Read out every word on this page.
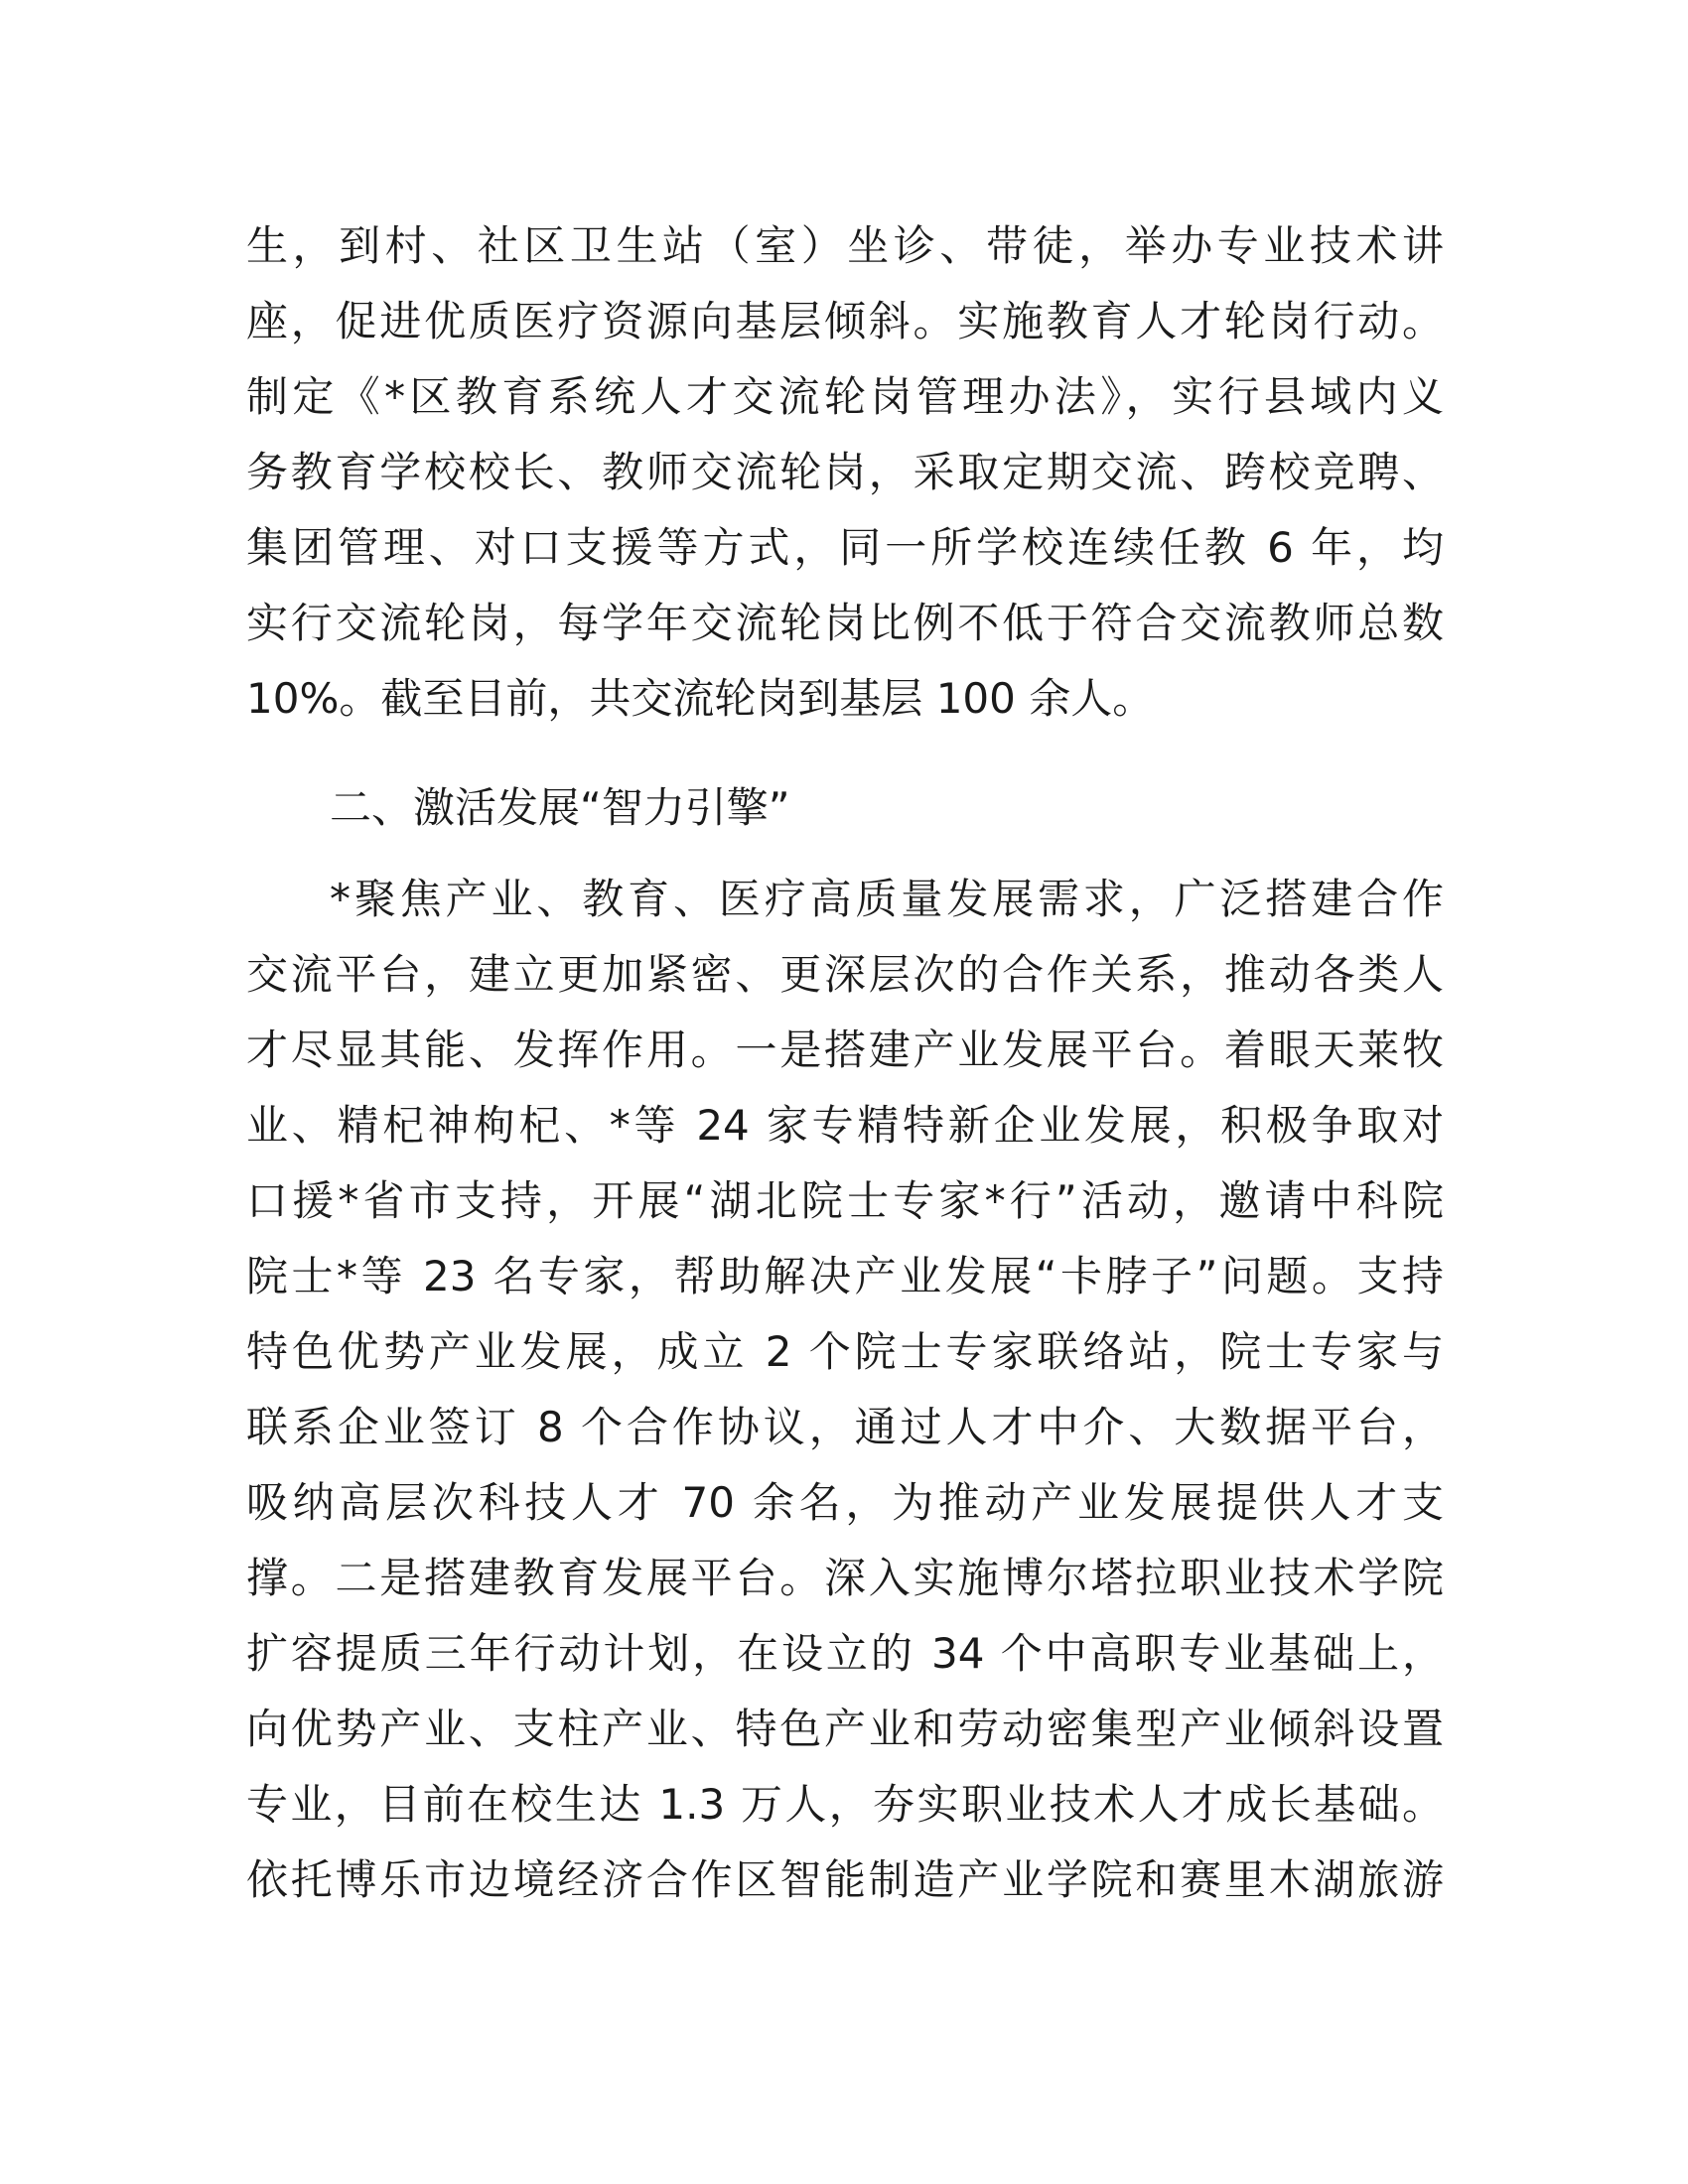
生，到村、社区卫生站（室）坐诊、带徒，举办专业技术讲
座，促进优质医疗资源向基层倾斜。实施教育人才轮岗行动。
制定《*区教育系统人才交流轮岗管理办法》，实行县域内义
务教育学校校长、教师交流轮岗，采取定期交流、跨校竞聘、
集团管理、对口支援等方式，同一所学校连续任教 6 年，均
实行交流轮岗，每学年交流轮岗比例不低于符合交流教师总数
10%。截至目前，共交流轮岗到基层 100 余人。
二、激活发展“智力引擎”
*聚焦产业、教育、医疗高质量发展需求，广泛搭建合作
交流平台，建立更加紧密、更深层次的合作关系，推动各类人
才尽显其能、发挥作用。一是搭建产业发展平台。着眼天莱牧
业、精杞神枸杞、*等 24 家专精特新企业发展，积极争取对
口援*省市支持，开展“湖北院士专家*行”活动，邀请中科院
院士*等 23 名专家，帮助解决产业发展“卡脖子”问题。支持
特色优势产业发展，成立 2 个院士专家联络站，院士专家与
联系企业签订 8 个合作协议，通过人才中介、大数据平台，
吸纳高层次科技人才 70 余名，为推动产业发展提供人才支
撑。二是搭建教育发展平台。深入实施博尔塔拉职业技术学院
扩容提质三年行动计划，在设立的 34 个中高职专业基础上，
向优势产业、支柱产业、特色产业和劳动密集型产业倾斜设置
专业，目前在校生达 1.3 万人，夯实职业技术人才成长基础。
依托博乐市边境经济合作区智能制造产业学院和赛里木湖旅游
